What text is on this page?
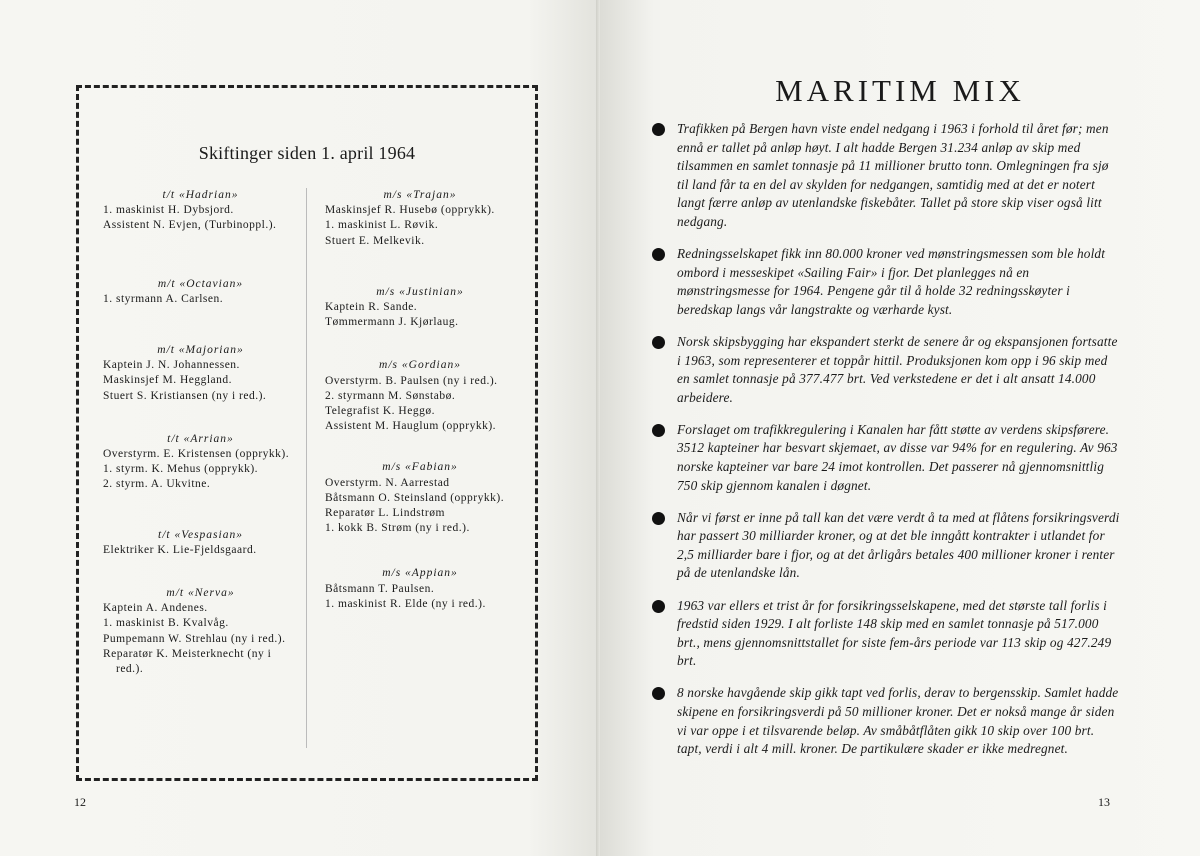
Skiftinger siden 1. april 1964
t/t «Hadrian»
1. maskinist H. Dybsjord.
Assistent N. Evjen, (Turbinoppl.).
m/t «Octavian»
1. styrmann A. Carlsen.
m/t «Majorian»
Kaptein J. N. Johannessen.
Maskinsjef M. Heggland.
Stuert S. Kristiansen (ny i red.).
t/t «Arrian»
Overstyrm. E. Kristensen (opprykk).
1. styrm. K. Mehus (opprykk).
2. styrm. A. Ukvitne.
t/t «Vespasian»
Elektriker K. Lie-Fjeldsgaard.
m/t «Nerva»
Kaptein A. Andenes.
1. maskinist B. Kvalvåg.
Pumpemann W. Strehlau (ny i red.).
Reparatør K. Meisterknecht (ny i red.).
m/s «Trajan»
Maskinsjef R. Husebø (opprykk).
1. maskinist L. Røvik.
Stuert E. Melkevik.
m/s «Justinian»
Kaptein R. Sande.
Tømmermann J. Kjørlaug.
m/s «Gordian»
Overstyrm. B. Paulsen (ny i red.).
2. styrmann M. Sønstabø.
Telegrafist K. Heggø.
Assistent M. Hauglum (opprykk).
m/s «Fabian»
Overstyrm. N. Aarrestad
Båtsmann O. Steinsland (opprykk).
Reparatør L. Lindstrøm
1. kokk B. Strøm (ny i red.).
m/s «Appian»
Båtsmann T. Paulsen.
1. maskinist R. Elde (ny i red.).
12
MARITIM MIX
Trafikken på Bergen havn viste endel nedgang i 1963 i forhold til året før; men ennå er tallet på anløp høyt. I alt hadde Bergen 31.234 anløp av skip med tilsammen en samlet tonnasje på 11 millioner brutto tonn. Omlegningen fra sjø til land får ta en del av skylden for nedgangen, samtidig med at det er notert langt færre anløp av utenlandske fiskebåter. Tallet på store skip viser også litt nedgang.
Redningsselskapet fikk inn 80.000 kroner ved mønstringsmessen som ble holdt ombord i messeskipet «Sailing Fair» i fjor. Det planlegges nå en mønstringsmesse for 1964. Pengene går til å holde 32 redningsskøyter i beredskap langs vår langstrakte og værharde kyst.
Norsk skipsbygging har ekspandert sterkt de senere år og ekspansjonen fortsatte i 1963, som representerer et toppår hittil. Produksjonen kom opp i 96 skip med en samlet tonnasje på 377.477 brt. Ved verkstedene er det i alt ansatt 14.000 arbeidere.
Forslaget om trafikkregulering i Kanalen har fått støtte av verdens skipsførere. 3512 kapteiner har besvart skjemaet, av disse var 94% for en regulering. Av 963 norske kapteiner var bare 24 imot kontrollen. Det passerer nå gjennomsnittlig 750 skip gjennom kanalen i døgnet.
Når vi først er inne på tall kan det være verdt å ta med at flåtens forsikringsverdi har passert 30 milliarder kroner, og at det ble inngått kontrakter i utlandet for 2,5 milliarder bare i fjor, og at det årligårs betales 400 millioner kroner i renter på de utenlandske lån.
1963 var ellers et trist år for forsikringsselskapene, med det største tall forlis i fredstid siden 1929. I alt forliste 148 skip med en samlet tonnasje på 517.000 brt., mens gjennomsnittstallet for siste fem-års periode var 113 skip og 427.249 brt.
8 norske havgående skip gikk tapt ved forlis, derav to bergensskip. Samlet hadde skipene en forsikringsverdi på 50 millioner kroner. Det er nokså mange år siden vi var oppe i et tilsvarende beløp. Av småbåtflåten gikk 10 skip over 100 brt. tapt, verdi i alt 4 mill. kroner. De partikulære skader er ikke medregnet.
13
